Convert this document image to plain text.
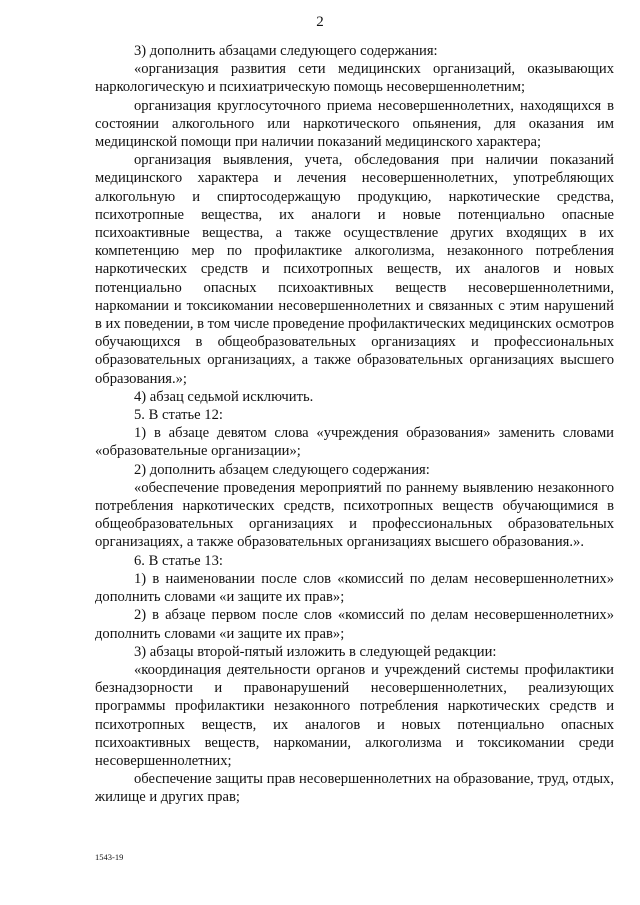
2

3) дополнить абзацами следующего содержания:

«организация развития сети медицинских организаций, оказывающих наркологическую и психиатрическую помощь несовершеннолетним;

организация круглосуточного приема несовершеннолетних, находящихся в состоянии алкогольного или наркотического опьянения, для оказания им медицинской помощи при наличии показаний медицинского характера;

организация выявления, учета, обследования при наличии показаний медицинского характера и лечения несовершеннолетних, употребляющих алкогольную и спиртосодержащую продукцию, наркотические средства, психотропные вещества, их аналоги и новые потенциально опасные психоактивные вещества, а также осуществление других входящих в их компетенцию мер по профилактике алкоголизма, незаконного потребления наркотических средств и психотропных веществ, их аналогов и новых потенциально опасных психоактивных веществ несовершеннолетними, наркомании и токсикомании несовершеннолетних и связанных с этим нарушений в их поведении, в том числе проведение профилактических медицинских осмотров обучающихся в общеобразовательных организациях и профессиональных образовательных организациях, а также образовательных организациях высшего образования.»;

4) абзац седьмой исключить.

5. В статье 12:

1) в абзаце девятом слова «учреждения образования» заменить словами «образовательные организации»;

2) дополнить абзацем следующего содержания:

«обеспечение проведения мероприятий по раннему выявлению незаконного потребления наркотических средств, психотропных веществ обучающимися в общеобразовательных организациях и профессиональных образовательных организациях, а также образовательных организациях высшего образования.».

6. В статье 13:

1) в наименовании после слов «комиссий по делам несовершеннолетних» дополнить словами «и защите их прав»;

2) в абзаце первом после слов «комиссий по делам несовершеннолетних» дополнить словами «и защите их прав»;

3) абзацы второй-пятый изложить в следующей редакции:

«координация деятельности органов и учреждений системы профилактики безнадзорности и правонарушений несовершеннолетних, реализующих программы профилактики незаконного потребления наркотических средств и психотропных веществ, их аналогов и новых потенциально опасных психоактивных веществ, наркомании, алкоголизма и токсикомании среди несовершеннолетних;

обеспечение защиты прав несовершеннолетних на образование, труд, отдых, жилище и других прав;

1543-19
